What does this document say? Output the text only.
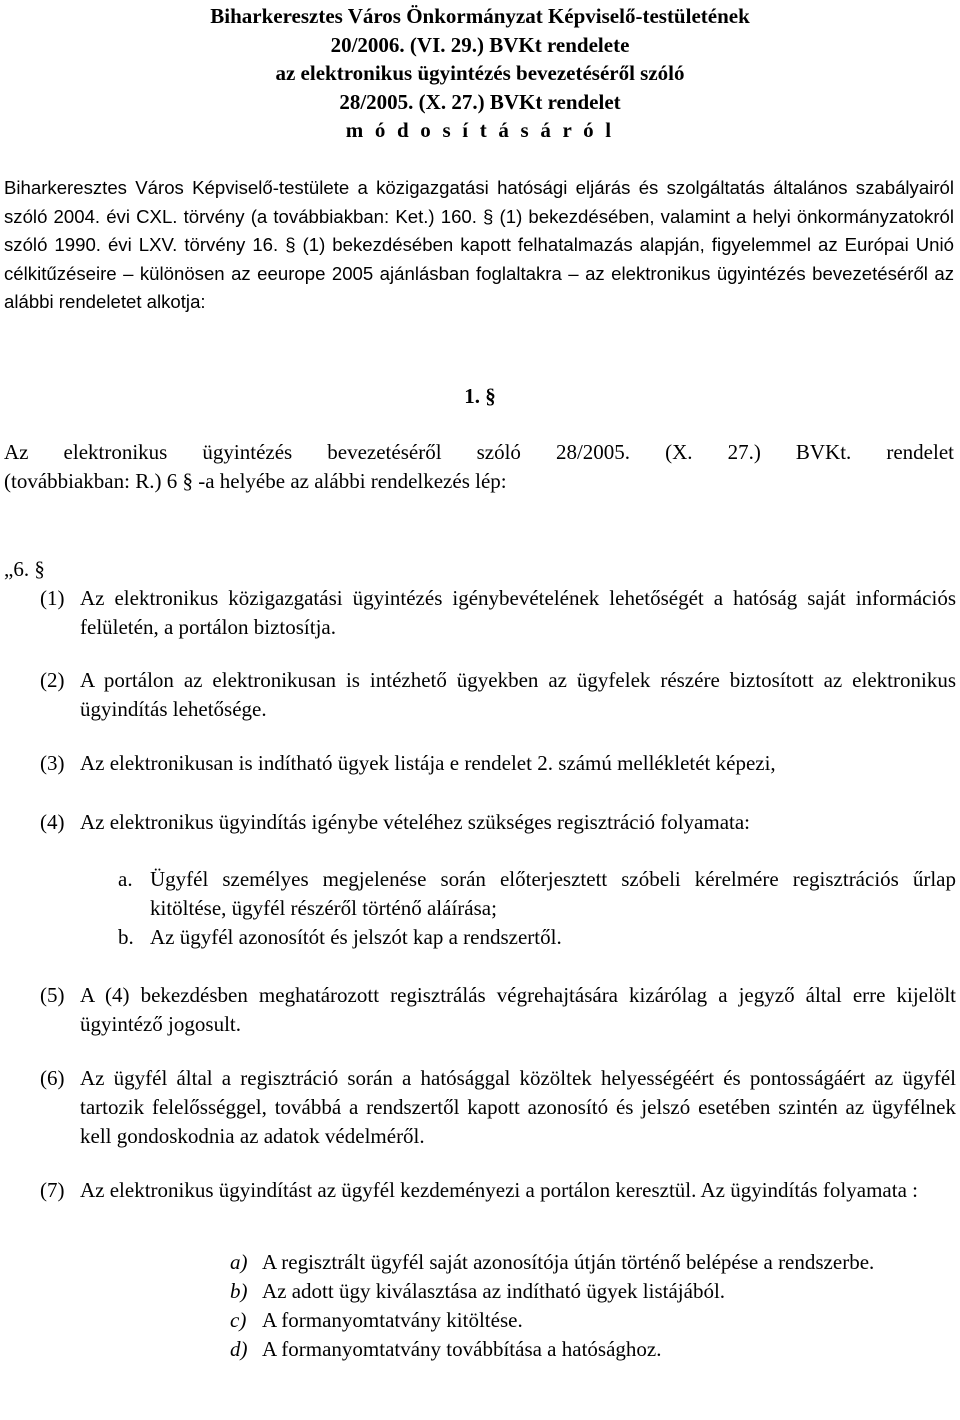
Biharkeresztes Város Önkormányzat Képviselő-testületének
20/2006. (VI. 29.) BVKt rendelete
az elektronikus ügyintézés bevezetéséről szóló
28/2005. (X. 27.) BVKt rendelet
m ó d o s í t á s á r ó l
Biharkeresztes Város Képviselő-testülete a közigazgatási hatósági eljárás és szolgáltatás általános szabályairól szóló 2004. évi CXL. törvény (a továbbiakban: Ket.) 160. § (1) bekezdésében, valamint a helyi önkormányzatokról szóló 1990. évi LXV. törvény 16. § (1) bekezdésében kapott felhatalmazás alapján, figyelemmel az Európai Unió célkitűzéseire – különösen az eeurope 2005 ajánlásban foglaltakra – az elektronikus ügyintézés bevezetéséről az alábbi rendeletet alkotja:
1. §
Az elektronikus ügyintézés bevezetéséről szóló 28/2005. (X. 27.) BVKt. rendelet
(továbbiakban: R.) 6 § -a helyébe az alábbi rendelkezés lép:
„6. §
(1) Az elektronikus közigazgatási ügyintézés igénybevételének lehetőségét a hatóság saját információs felületén, a portálon biztosítja.
(2) A portálon az elektronikusan is intézhető ügyekben az ügyfelek részére biztosított az elektronikus ügyindítás lehetősége.
(3) Az elektronikusan is indítható ügyek listája e rendelet 2. számú mellékletét képezi,
(4) Az elektronikus ügyindítás igénybe vételéhez szükséges regisztráció folyamata:
a. Ügyfél személyes megjelenése során előterjesztett szóbeli kérelmére regisztrációs űrlap kitöltése, ügyfél részéről történő aláírása;
b. Az ügyfél azonosítót és jelszót kap a rendszertől.
(5) A (4) bekezdésben meghatározott regisztrálás végrehajtására kizárólag a jegyző által erre kijelölt ügyintéző jogosult.
(6) Az ügyfél által a regisztráció során a hatósággal közöltek helyességéért és pontosságáért az ügyfél tartozik felelősséggel, továbbá a rendszertől kapott azonosító és jelszó esetében szintén az ügyfélnek kell gondoskodnia az adatok védelméről.
(7) Az elektronikus ügyindítást az ügyfél kezdeményezi a portálon keresztül. Az ügyindítás folyamata :
a) A regisztrált ügyfél saját azonosítója útján történő belépése a rendszerbe.
b) Az adott ügy kiválasztása az indítható ügyek listájából.
c) A formanyomtatvány kitöltése.
d) A formanyomtatvány továbbítása a hatósághoz.
